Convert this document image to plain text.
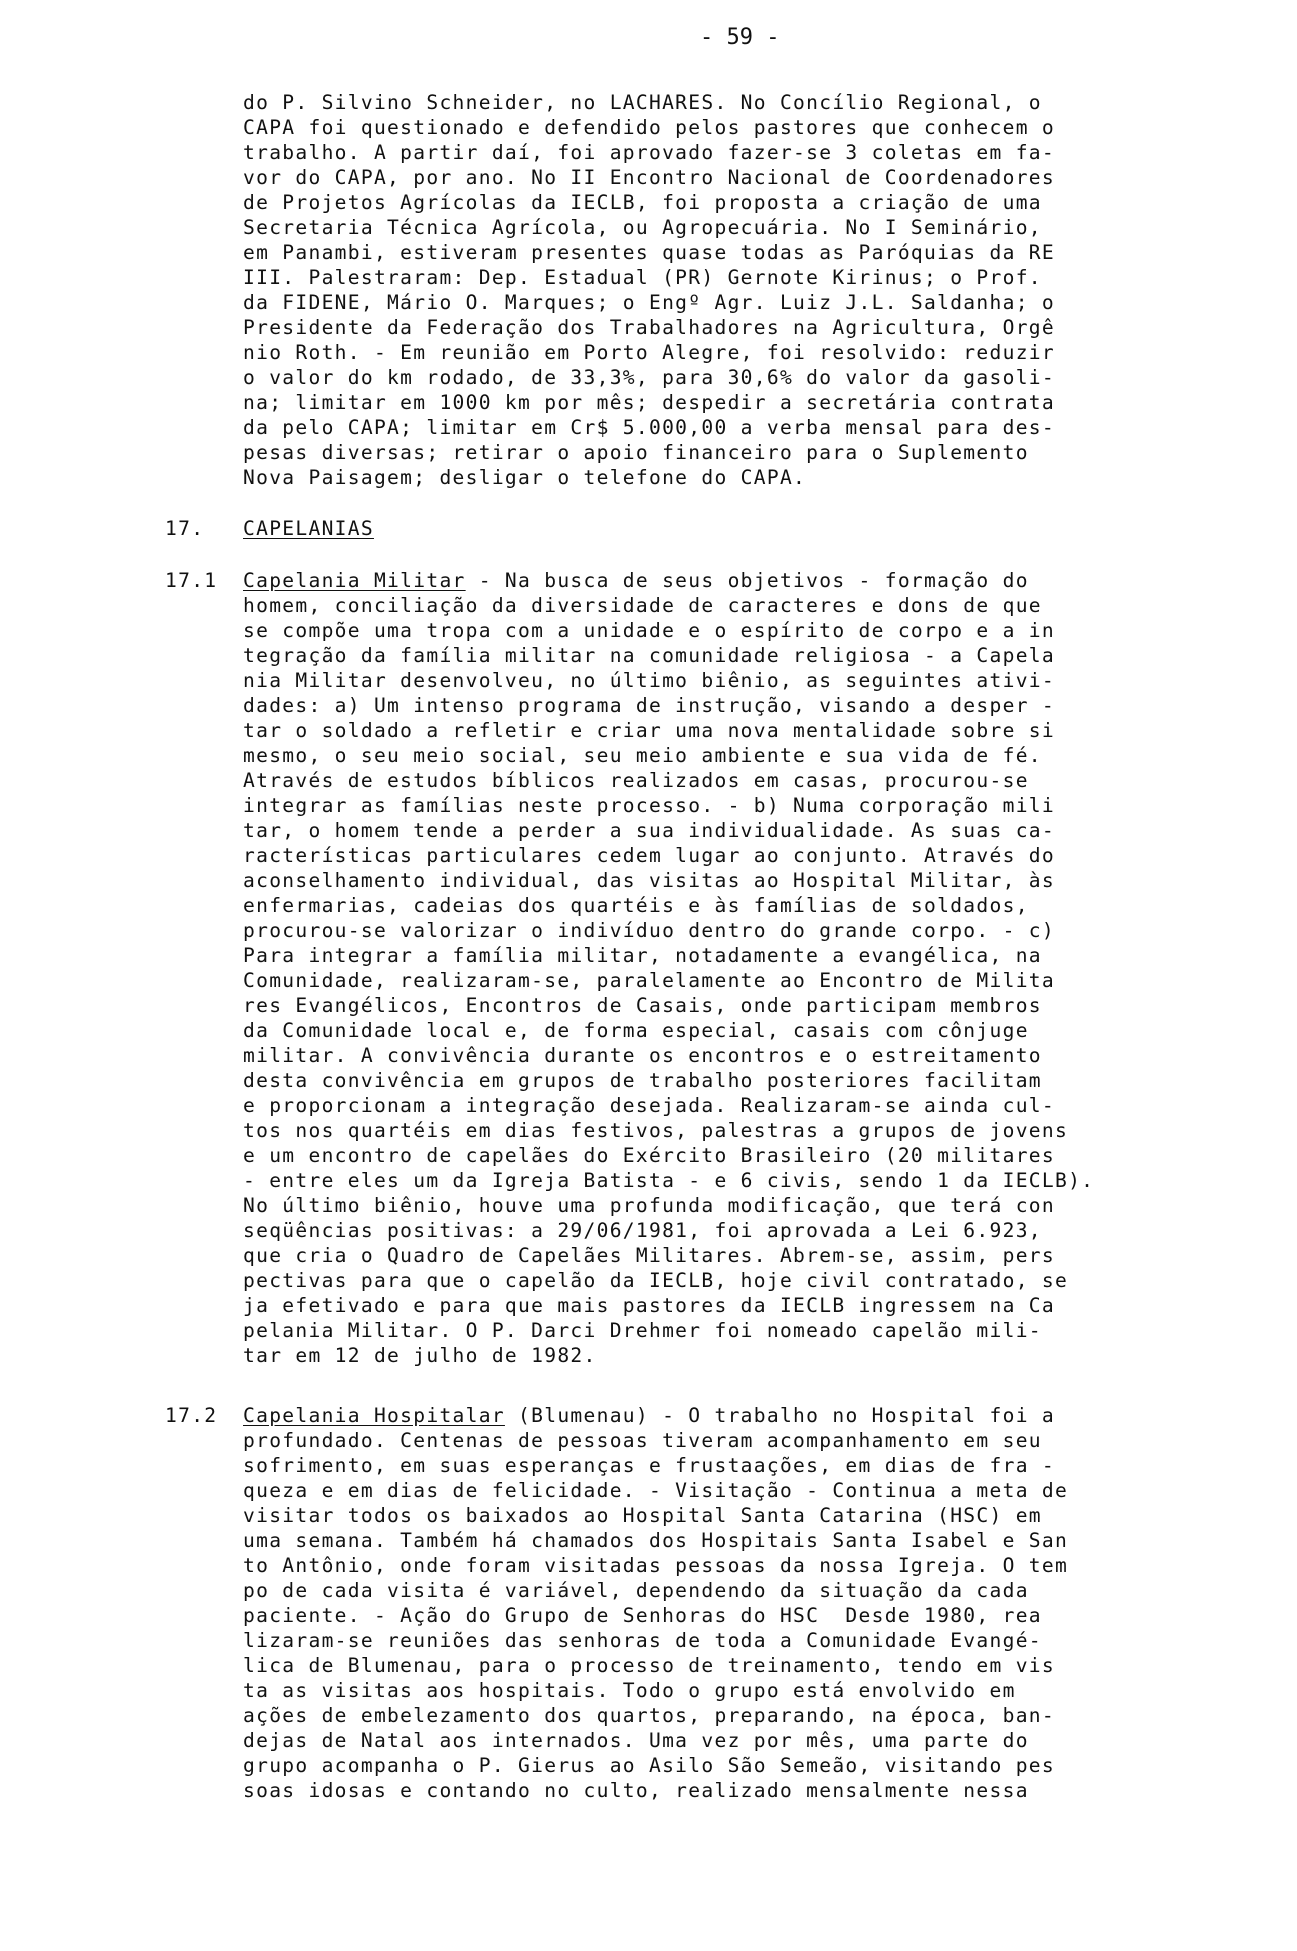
- 59 -
17. CAPELANIAS
17.1 Capelania Militar - Na busca de seus objetivos - formação do
17.2 Capelania Hospitalar (Blumenau) - O trabalho no Hospital foi a
do P. Silvino Schneider, no LACHARES. No Concílio Regional, o
CAPA foi questionado e defendido pelos pastores que conhecem o
trabalho. A partir daí, foi aprovado fazer-se 3 coletas em fa-
vor do CAPA, por ano. No II Encontro Nacional de Coordenadores
de Projetos Agrícolas da IECLB, foi proposta a criação de uma
Secretaria Técnica Agrícola, ou Agropecuária. No I Seminário,
em Panambi, estiveram presentes quase todas as Paróquias da RE
III. Palestraram: Dep. Estadual (PR) Gernote Kirinus; o Prof.
da FIDENE, Mário O. Marques; o Engº Agr. Luiz J.L. Saldanha; o
Presidente da Federação dos Trabalhadores na Agricultura, Orgê
nio Roth. - Em reunião em Porto Alegre, foi resolvido: reduzir
o valor do km rodado, de 33,3%, para 30,6% do valor da gasoli-
na; limitar em 1000 km por mês; despedir a secretária contrata
da pelo CAPA; limitar em Cr$ 5.000,00 a verba mensal para des-
pesas diversas; retirar o apoio financeiro para o Suplemento
Nova Paisagem; desligar o telefone do CAPA.
homem, conciliação da diversidade de caracteres e dons de que
se compõe uma tropa com a unidade e o espírito de corpo e a in
tegração da família militar na comunidade religiosa - a Capela
nia Militar desenvolveu, no último biênio, as seguintes ativi-
dades: a) Um intenso programa de instrução, visando a desper -
tar o soldado a refletir e criar uma nova mentalidade sobre si
mesmo, o seu meio social, seu meio ambiente e sua vida de fé.
Através de estudos bíblicos realizados em casas, procurou-se
integrar as famílias neste processo. - b) Numa corporação mili
tar, o homem tende a perder a sua individualidade. As suas ca-
racterísticas particulares cedem lugar ao conjunto. Através do
aconselhamento individual, das visitas ao Hospital Militar, às
enfermarias, cadeias dos quartéis e às famílias de soldados,
procurou-se valorizar o indivíduo dentro do grande corpo. - c)
Para integrar a família militar, notadamente a evangélica, na
Comunidade, realizaram-se, paralelamente ao Encontro de Milita
res Evangélicos, Encontros de Casais, onde participam membros
da Comunidade local e, de forma especial, casais com cônjuge
militar. A convivência durante os encontros e o estreitamento
desta convivência em grupos de trabalho posteriores facilitam
e proporcionam a integração desejada. Realizaram-se ainda cul-
tos nos quartéis em dias festivos, palestras a grupos de jovens
e um encontro de capelães do Exército Brasileiro (20 militares
- entre eles um da Igreja Batista - e 6 civis, sendo 1 da IECLB).
No último biênio, houve uma profunda modificação, que terá con
seqüências positivas: a 29/06/1981, foi aprovada a Lei 6.923,
que cria o Quadro de Capelães Militares. Abrem-se, assim, pers
pectivas para que o capelão da IECLB, hoje civil contratado, se
ja efetivado e para que mais pastores da IECLB ingressem na Ca
pelania Militar. O P. Darci Drehmer foi nomeado capelão mili-
tar em 12 de julho de 1982.
profundado. Centenas de pessoas tiveram acompanhamento em seu
sofrimento, em suas esperanças e frustaações, em dias de fra -
queza e em dias de felicidade. - Visitação - Continua a meta de
visitar todos os baixados ao Hospital Santa Catarina (HSC) em
uma semana. Também há chamados dos Hospitais Santa Isabel e San
to Antônio, onde foram visitadas pessoas da nossa Igreja. O tem
po de cada visita é variável, dependendo da situação da cada
paciente. - Ação do Grupo de Senhoras do HSC  Desde 1980, rea
lizaram-se reuniões das senhoras de toda a Comunidade Evangé-
lica de Blumenau, para o processo de treinamento, tendo em vis
ta as visitas aos hospitais. Todo o grupo está envolvido em
ações de embelezamento dos quartos, preparando, na época, ban-
dejas de Natal aos internados. Uma vez por mês, uma parte do
grupo acompanha o P. Gierus ao Asilo São Semeão, visitando pes
soas idosas e contando no culto, realizado mensalmente nessa
